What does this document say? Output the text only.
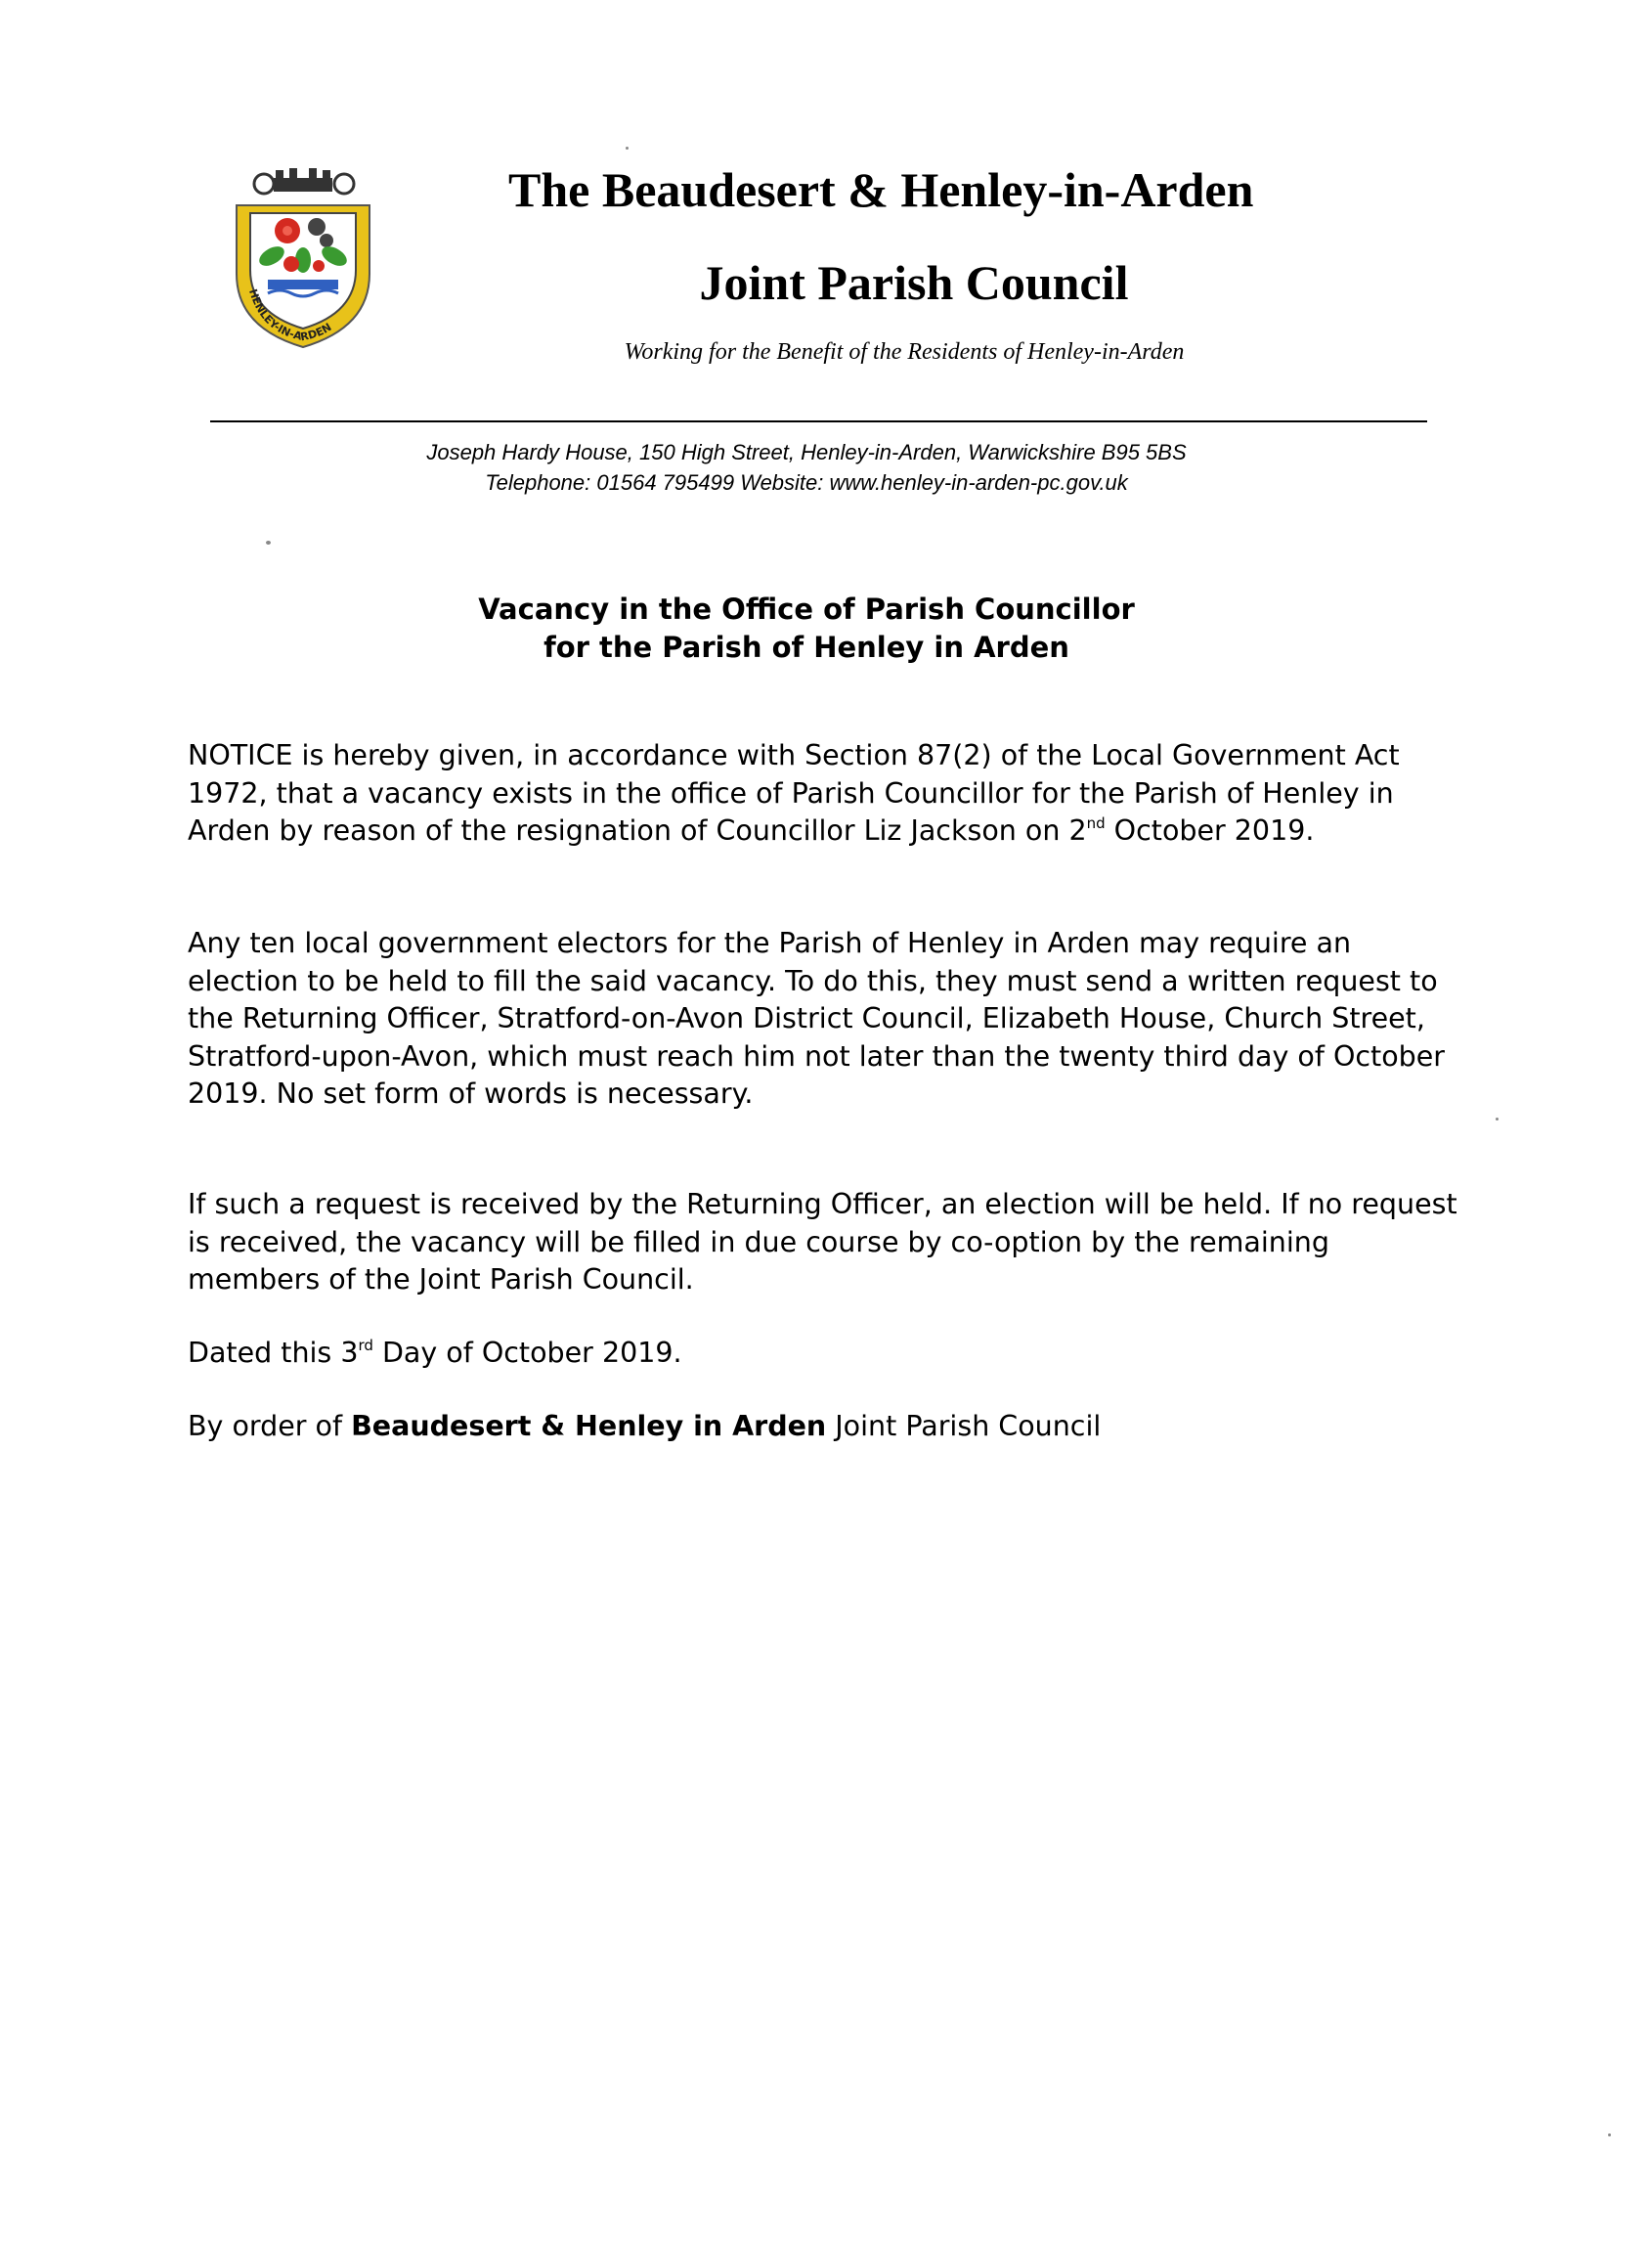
HENLEY-IN-ARDEN
The Beaudesert & Henley-in-Arden
Joint Parish Council
Working for the Benefit of the Residents of Henley-in-Arden
Joseph Hardy House, 150 High Street, Henley-in-Arden, Warwickshire B95 5BS
Telephone: 01564 795499 Website: www.henley-in-arden-pc.gov.uk
Vacancy in the Office of Parish Councillor
for the Parish of Henley in Arden

NOTICE is hereby given, in accordance with Section 87(2) of the Local Government Act 1972, that a vacancy exists in the office of Parish Councillor for the Parish of Henley in Arden by reason of the resignation of Councillor Liz Jackson on 2nd October 2019.

Any ten local government electors for the Parish of Henley in Arden may require an election to be held to fill the said vacancy. To do this, they must send a written request to the Returning Officer, Stratford-on-Avon District Council, Elizabeth House, Church Street, Stratford-upon-Avon, which must reach him not later than the twenty third day of October 2019. No set form of words is necessary.

If such a request is received by the Returning Officer, an election will be held. If no request is received, the vacancy will be filled in due course by co-option by the remaining members of the Joint Parish Council.

Dated this 3rd Day of October 2019.

By order of Beaudesert & Henley in Arden Joint Parish Council
